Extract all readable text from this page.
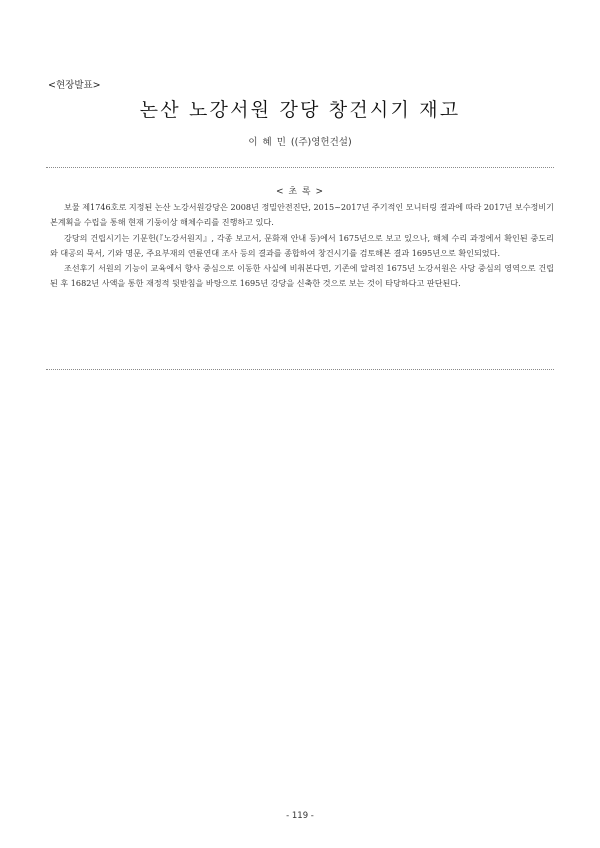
<현장발표>
논산 노강서원 강당 창건시기 재고
이 혜 민 ((주)영헌건설)
< 초 록 >

보물 제1746호로 지정된 논산 노강서원강당은 2008년 정밀안전진단, 2015~2017년 주기적인 모니터링 결과에 따라 2017년 보수정비기본계획을 수립을 통해 현재 기둥이상 해체수리를 진행하고 있다.

강당의 건립시기는 기문헌(『노강서원지』, 각종 보고서, 문화재 안내 등)에서 1675년으로 보고 있으나, 해체 수리 과정에서 확인된 중도리와 대공의 묵서, 기와 명문, 주요부재의 연륜연대 조사 등의 결과를 종합하여 창건시기를 검토해본 결과 1695년으로 확인되었다.

조선후기 서원의 기능이 교육에서 향사 중심으로 이동한 사실에 비춰본다면, 기존에 알려진 1675년 노강서원은 사당 중심의 영역으로 건립된 후 1682년 사액을 통한 재정적 뒷받침을 바탕으로 1695년 강당을 신축한 것으로 보는 것이 타당하다고 판단된다.

- 119 -
